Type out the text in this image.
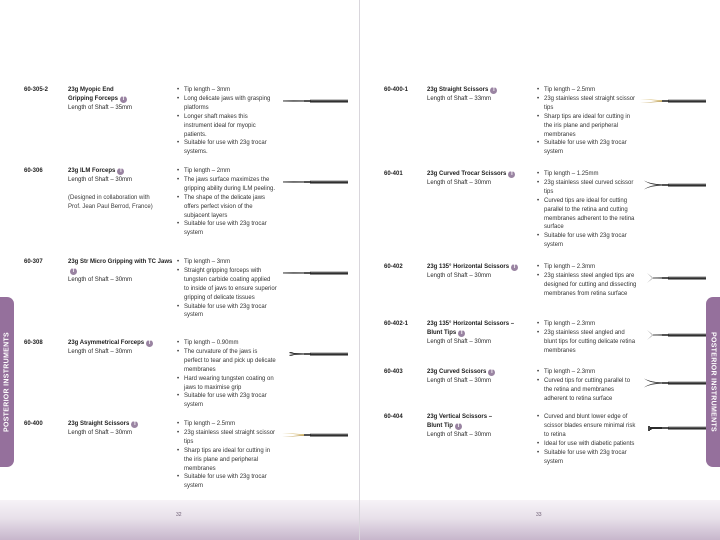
32
POSTERIOR INSTRUMENTS
60-305-2	23g Myopic End
Gripping Forceps T
Length of Shaft – 35mm
• Tip length – 3mm
• Long delicate jaws with grasping platforms
• Longer shaft makes this instrument ideal for myopic patients.
• Suitable for use with 23g trocar systems.
60-306	23g ILM Forceps T
Length of Shaft – 30mm
(Designed in collaboration with
Prof. Jean Paul Berrod, France)
• Tip length – 2mm
• The jaws surface maximizes the gripping ability during ILM peeling.
• The shape of the delicate jaws offers perfect vision of the subjacent layers
• Suitable for use with 23g trocar system
60-307	23g Str Micro Gripping with TC JawsT
Length of Shaft – 30mm
• Tip length – 3mm
• Straight gripping forceps with tungsten carbide coating applied to inside of jaws to ensure superior gripping of delicate tissues
• Suitable for use with 23g trocar system
60-308	23g Asymmetrical Forceps T
Length of Shaft – 30mm
• Tip length – 0.90mm
• The curvature of the jaws is perfect to tear and pick up delicate membranes
• Hard wearing tungsten coating on jaws to maximise grip
• Suitable for use with 23g trocar system
60-400	23g Straight Scissors T
Length of Shaft – 30mm
• Tip length – 2.5mm
• 23g stainless steel straight scissor tips
• Sharp tips are ideal for cutting in the iris plane and peripheral membranes
• Suitable for use with 23g trocar system
33
POSTERIOR INSTRUMENTS
60-400-1	23g Straight Scissors T
Length of Shaft – 33mm
• Tip length – 2.5mm
• 23g stainless steel straight scissor tips
• Sharp tips are ideal for cutting in the iris plane and peripheral membranes
• Suitable for use with 23g trocar system
60-401	23g Curved Trocar Scissors T
Length of Shaft – 30mm
• Tip length – 1.25mm
• 23g stainless steel curved scissor tips
• Curved tips are ideal for cutting parallel to the retina and cutting membranes adherent to the retina surface
• Suitable for use with 23g trocar system
60-402	23g 135° Horizontal Scissors T
Length of Shaft – 30mm
• Tip length – 2.3mm
• 23g stainless steel angled tips are designed for cutting and dissecting membranes from retina surface
60-402-1	23g 135° Horizontal Scissors –
Blunt Tips T
Length of Shaft – 30mm
• Tip length – 2.3mm
• 23g stainless steel angled and blunt tips for cutting delicate retina membranes
60-403	23g Curved Scissors T
Length of Shaft – 30mm
• Tip length – 2.3mm
• Curved tips for cutting parallel to the retina and membranes adherent to retina surface
60-404	23g Vertical Scissors –
Blunt Tip T
Length of Shaft – 30mm
• Curved and blunt lower edge of scissor blades ensure minimal risk to retina
• Ideal for use with diabetic patients
• Suitable for use with 23g trocar system
